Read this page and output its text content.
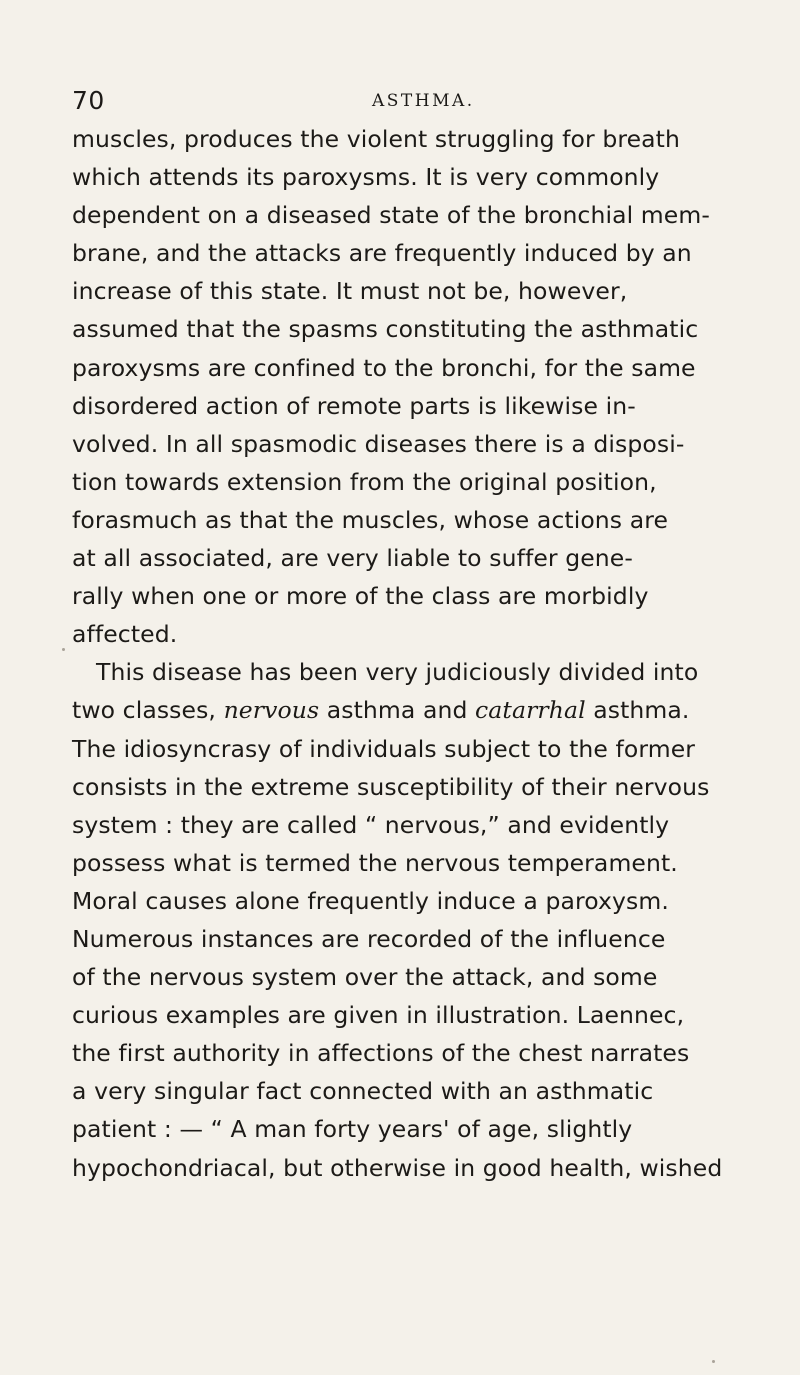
70	ASTHMA.
muscles, produces the violent struggling for breath
which attends its paroxysms. It is very commonly
dependent on a diseased state of the bronchial mem-
brane, and the attacks are frequently induced by an
increase of this state. It must not be, however,
assumed that the spasms constituting the asthmatic
paroxysms are confined to the bronchi, for the same
disordered action of remote parts is likewise in-
volved. In all spasmodic diseases there is a disposi-
tion towards extension from the original position,
forasmuch as that the muscles, whose actions are
at all associated, are very liable to suffer gene-
rally when one or more of the class are morbidly
affected.
This disease has been very judiciously divided into
two classes, nervous asthma and catarrhal asthma.
The idiosyncrasy of individuals subject to the former
consists in the extreme susceptibility of their nervous
system : they are called “ nervous,” and evidently
possess what is termed the nervous temperament.
Moral causes alone frequently induce a paroxysm.
Numerous instances are recorded of the influence
of the nervous system over the attack, and some
curious examples are given in illustration. Laennec,
the first authority in affections of the chest narrates
a very singular fact connected with an asthmatic
patient : — “ A man forty years' of age, slightly
hypochondriacal, but otherwise in good health, wished
